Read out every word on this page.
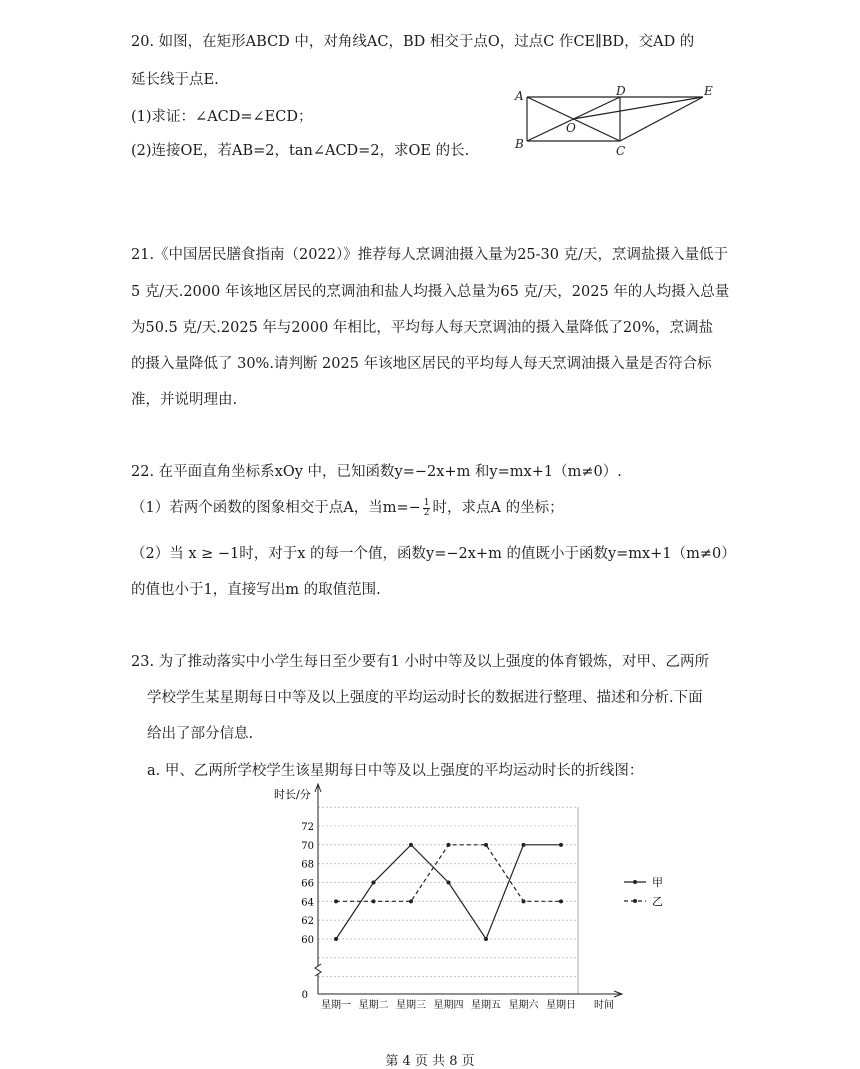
20. 如图，在矩形ABCD 中，对角线AC，BD 相交于点O，过点C 作CE∥BD，交AD 的
延长线于点E.
(1)求证：∠ACD=∠ECD；
(2)连接OE，若AB=2，tan∠ACD=2，求OE 的长.
A
B	C
D	E
O
21.《中国居民膳食指南（2022）》推荐每人烹调油摄入量为25-30 克/天，烹调盐摄入量低于
5 克/天.2000 年该地区居民的烹调油和盐人均摄入总量为65 克/天，2025 年的人均摄入总量
为50.5 克/天.2025 年与2000 年相比，平均每人每天烹调油的摄入量降低了20%，烹调盐
的摄入量降低了 30%.请判断 2025 年该地区居民的平均每人每天烹调油摄入量是否符合标
准，并说明理由.
22. 在平面直角坐标系xOy 中，已知函数y=−2x+m 和y=mx+1（m≠0）.
（1）若两个函数的图象相交于点A，当$m=- \frac{1}{2}$ 时，求点A 的坐标；
（2）当 x ≥ −1时，对于x 的每一个值，函数y=−2x+m 的值既小于函数y=mx+1（m≠0）
的值也小于1，直接写出m 的取值范围.
23. 为了推动落实中小学生每日至少要有1 小时中等及以上强度的体育锻炼，对甲、乙两所
学校学生某星期每日中等及以上强度的平均运动时长的数据进行整理、描述和分析.下面
给出了部分信息.
a. 甲、乙两所学校学生该星期每日中等及以上强度的平均运动时长的折线图：
时长/分
时间
0
60
62
64
66
68
70
72
星期一 星期二 星期三 星期四 星期五 星期六 星期日
甲
乙
第 4 页 共 8 页
